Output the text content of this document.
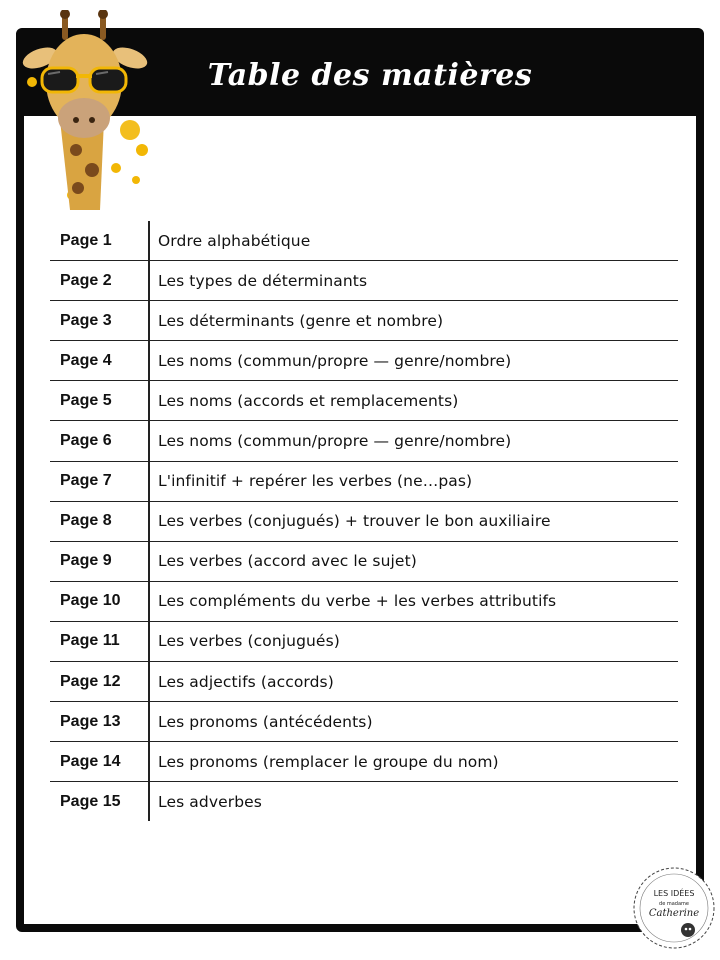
Table des matières
Page 1	Ordre alphabétique
Page 2	Les types de déterminants
Page 3	Les déterminants (genre et nombre)
Page 4	Les noms (commun/propre — genre/nombre)
Page 5	Les noms (accords et remplacements)
Page 6	Les noms (commun/propre — genre/nombre)
Page 7	L'infinitif + repérer les verbes (ne…pas)
Page 8	Les verbes (conjugués) + trouver le bon auxiliaire
Page 9	Les verbes (accord avec le sujet)
Page 10	Les compléments du verbe + les verbes attributifs
Page 11	Les verbes (conjugués)
Page 12	Les adjectifs (accords)
Page 13	Les pronoms (antécédents)
Page 14	Les pronoms (remplacer le groupe du nom)
Page 15	Les adverbes
LES IDÉES
de madame
Catherine
